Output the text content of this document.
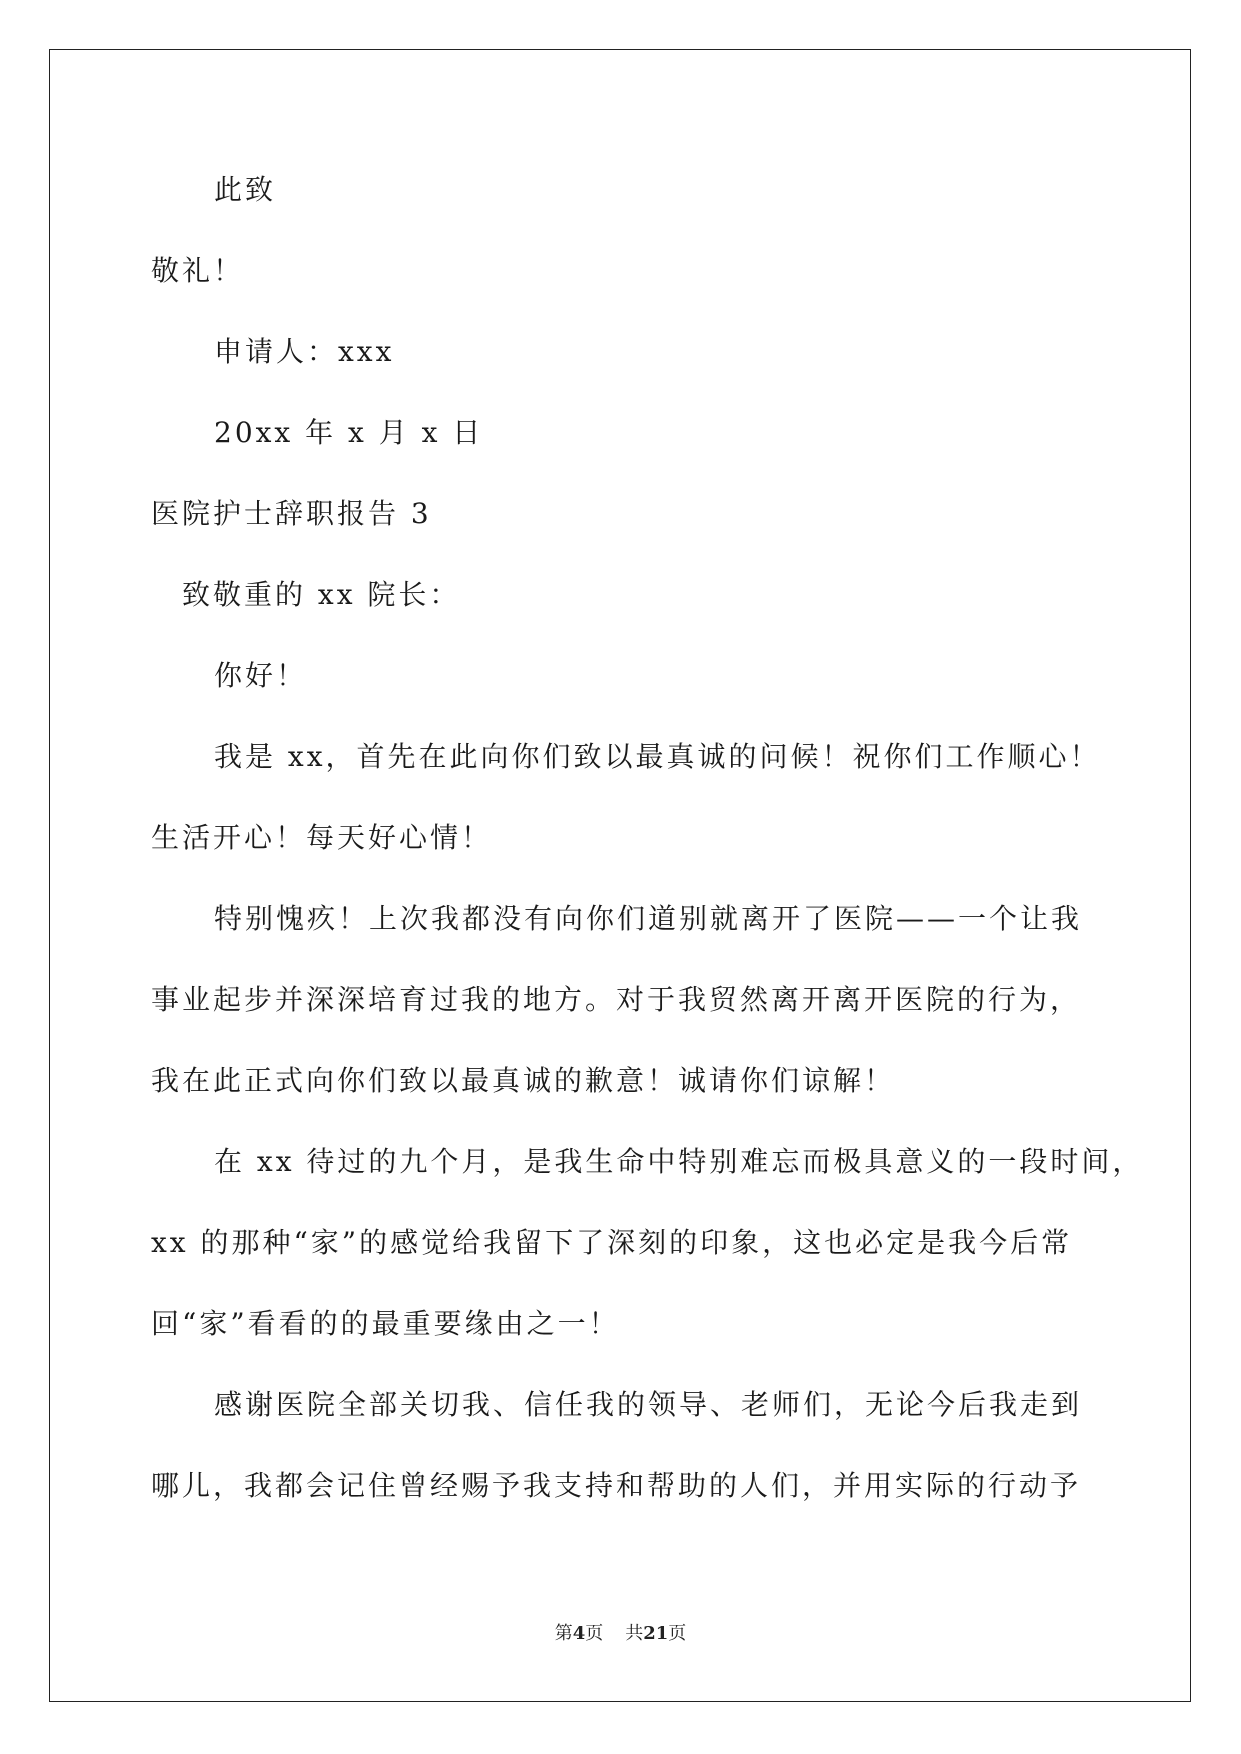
此致
敬礼！
申请人：xxx
20xx 年 x 月 x 日
医院护士辞职报告 3
致敬重的 xx 院长：
你好！
我是 xx，首先在此向你们致以最真诚的问候！祝你们工作顺心！
生活开心！每天好心情！
特别愧疚！上次我都没有向你们道别就离开了医院——一个让我
事业起步并深深培育过我的地方。对于我贸然离开离开医院的行为，
我在此正式向你们致以最真诚的歉意！诚请你们谅解！
在 xx 待过的九个月，是我生命中特别难忘而极具意义的一段时间，
xx 的那种“家”的感觉给我留下了深刻的印象，这也必定是我今后常
回“家”看看的的最重要缘由之一！
感谢医院全部关切我、信任我的领导、老师们，无论今后我走到
哪儿，我都会记住曾经赐予我支持和帮助的人们，并用实际的行动予
第4页 共21页
